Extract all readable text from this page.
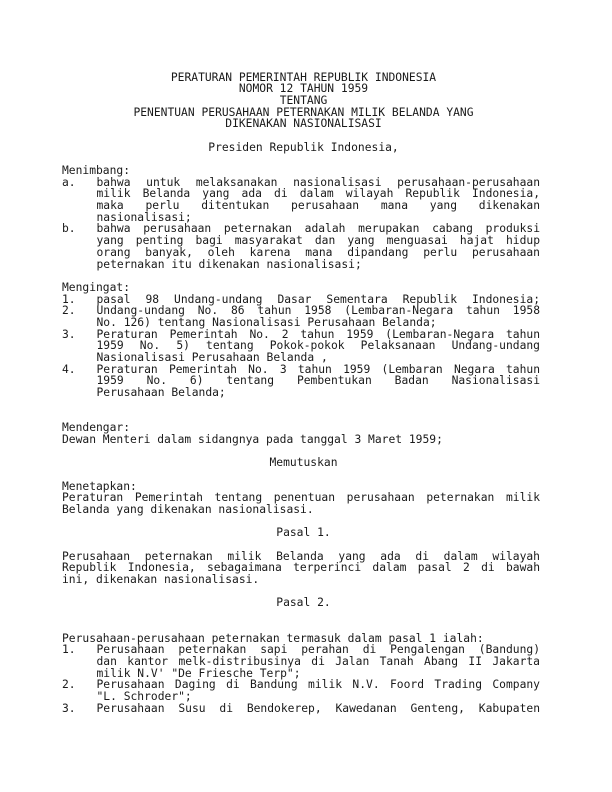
PERATURAN PEMERINTAH REPUBLIK INDONESIA
NOMOR 12 TAHUN 1959
TENTANG
PENENTUAN PERUSAHAAN PETERNAKAN MILIK BELANDA YANG
DIKENAKAN NASIONALISASI
Presiden Republik Indonesia,
Menimbang:
a. bahwa untuk melaksanakan nasionalisasi perusahaan-perusahaan
milik Belanda yang ada di dalam wilayah Republik Indonesia,
maka perlu ditentukan perusahaan mana yang dikenakan
nasionalisasi;
b. bahwa perusahaan peternakan adalah merupakan cabang produksi
yang penting bagi masyarakat dan yang menguasai hajat hidup
orang banyak, oleh karena mana dipandang perlu perusahaan
peternakan itu dikenakan nasionalisasi;
Mengingat:
1. pasal 98 Undang-undang Dasar Sementara Republik Indonesia;
2. Undang-undang No. 86 tahun 1958 (Lembaran-Negara tahun 1958
No. 126) tentang Nasionalisasi Perusahaan Belanda;
3. Peraturan Pemerintah No. 2 tahun 1959 (Lembaran-Negara tahun
1959 No. 5) tentang Pokok-pokok Pelaksanaan Undang-undang
Nasionalisasi Perusahaan Belanda ,
4. Peraturan Pemerintah No. 3 tahun 1959 (Lembaran Negara tahun
1959 No. 6) tentang Pembentukan Badan Nasionalisasi
Perusahaan Belanda;
Mendengar:
Dewan Menteri dalam sidangnya pada tanggal 3 Maret 1959;
Memutuskan
Menetapkan:
Peraturan Pemerintah tentang penentuan perusahaan peternakan milik
Belanda yang dikenakan nasionalisasi.
Pasal 1.
Perusahaan peternakan milik Belanda yang ada di dalam wilayah
Republik Indonesia, sebagaimana terperinci dalam pasal 2 di bawah
ini, dikenakan nasionalisasi.
Pasal 2.
Perusahaan-perusahaan peternakan termasuk dalam pasal 1 ialah:
1. Perusahaan peternakan sapi perahan di Pengalengan (Bandung)
dan kantor melk-distribusinya di Jalan Tanah Abang II Jakarta
milik N.V' "De Friesche Terp";
2. Perusahaan Daging di Bandung milik N.V. Foord Trading Company
"L. Schroder";
3. Perusahaan Susu di Bendokerep, Kawedanan Genteng, Kabupaten
